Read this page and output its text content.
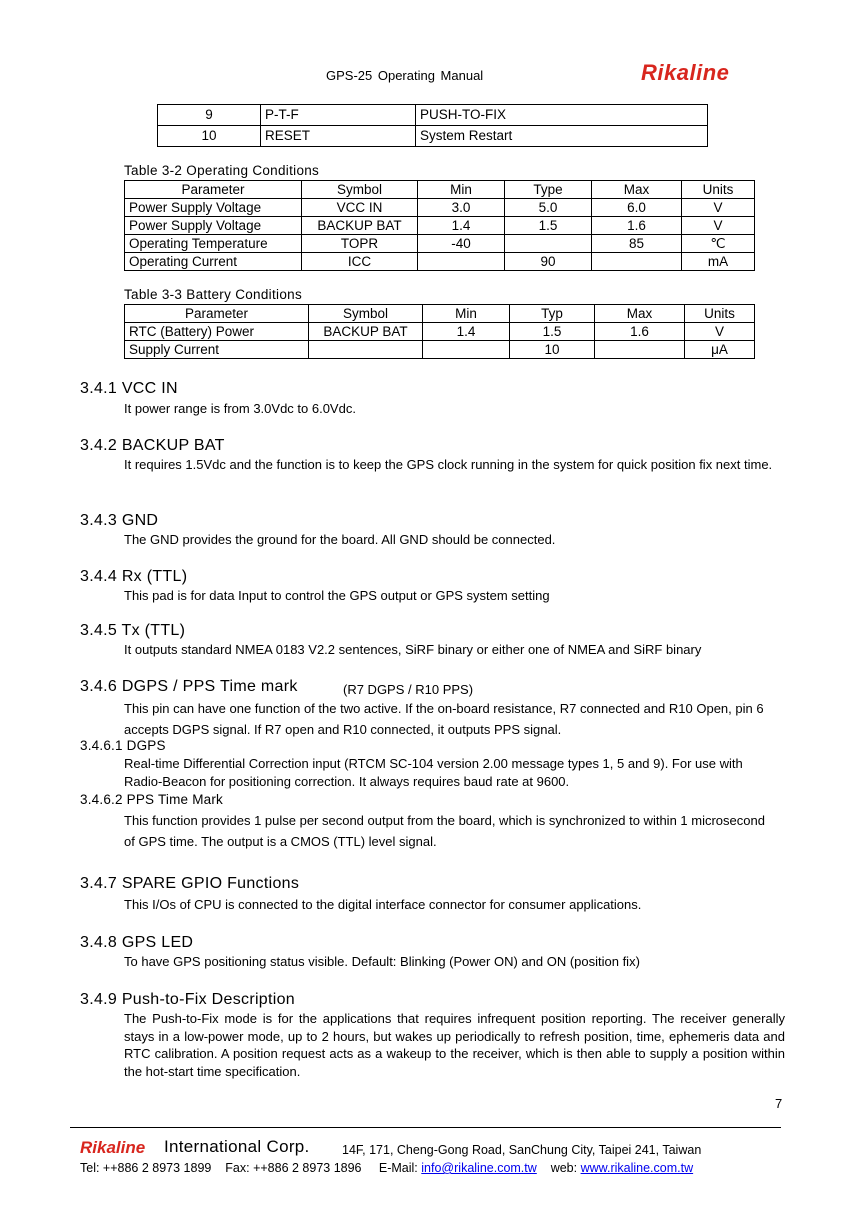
GPS-25 Operating Manual	Rikaline
9	P-T-F	PUSH-TO-FIX
10	RESET	System Restart
Table 3-2 Operating Conditions
Parameter	Symbol	Min	Type	Max	Units
Power Supply Voltage	VCC IN	3.0	5.0	6.0	V
Power Supply Voltage	BACKUP BAT	1.4	1.5	1.6	V
Operating Temperature	TOPR	-40		85	℃
Operating Current	ICC		90		mA
Table 3-3 Battery Conditions
Parameter	Symbol	Min	Typ	Max	Units
RTC (Battery) Power	BACKUP BAT	1.4	1.5	1.6	V
Supply Current			10		μA
3.4.1 VCC IN
It power range is from 3.0Vdc to 6.0Vdc.
3.4.2 BACKUP BAT
It requires 1.5Vdc and the function is to keep the GPS clock running in the system for quick position fix next time.
3.4.3 GND
The GND provides the ground for the board. All GND should be connected.
3.4.4 Rx (TTL)
This pad is for data Input to control the GPS output or GPS system setting
3.4.5 Tx (TTL)
It outputs standard NMEA 0183 V2.2 sentences, SiRF binary or either one of NMEA and SiRF binary
3.4.6 DGPS / PPS Time mark	(R7 DGPS / R10 PPS)
This pin can have one function of the two active. If the on-board resistance, R7 connected and R10 Open, pin 6 accepts DGPS signal. If R7 open and R10 connected, it outputs PPS signal.
3.4.6.1 DGPS
Real-time Differential Correction input (RTCM SC-104 version 2.00 message types 1, 5 and 9). For use with Radio-Beacon for positioning correction. It always requires baud rate at 9600.
3.4.6.2 PPS Time Mark
This function provides 1 pulse per second output from the board, which is synchronized to within 1 microsecond of GPS time. The output is a CMOS (TTL) level signal.
3.4.7 SPARE GPIO Functions
This I/Os of CPU is connected to the digital interface connector for consumer applications.
3.4.8 GPS LED
To have GPS positioning status visible. Default: Blinking (Power ON) and ON (position fix)
3.4.9 Push-to-Fix Description
The Push-to-Fix mode is for the applications that requires infrequent position reporting. The receiver generally stays in a low-power mode, up to 2 hours, but wakes up periodically to refresh position, time, ephemeris data and RTC calibration. A position request acts as a wakeup to the receiver, which is then able to supply a position within the hot-start time specification.
7
Rikaline International Corp.	14F, 171, Cheng-Gong Road, SanChung City, Taipei 241, Taiwan
Tel: ++886 2 8973 1899 Fax: ++886 2 8973 1896 E-Mail: info@rikaline.com.tw web: www.rikaline.com.tw
